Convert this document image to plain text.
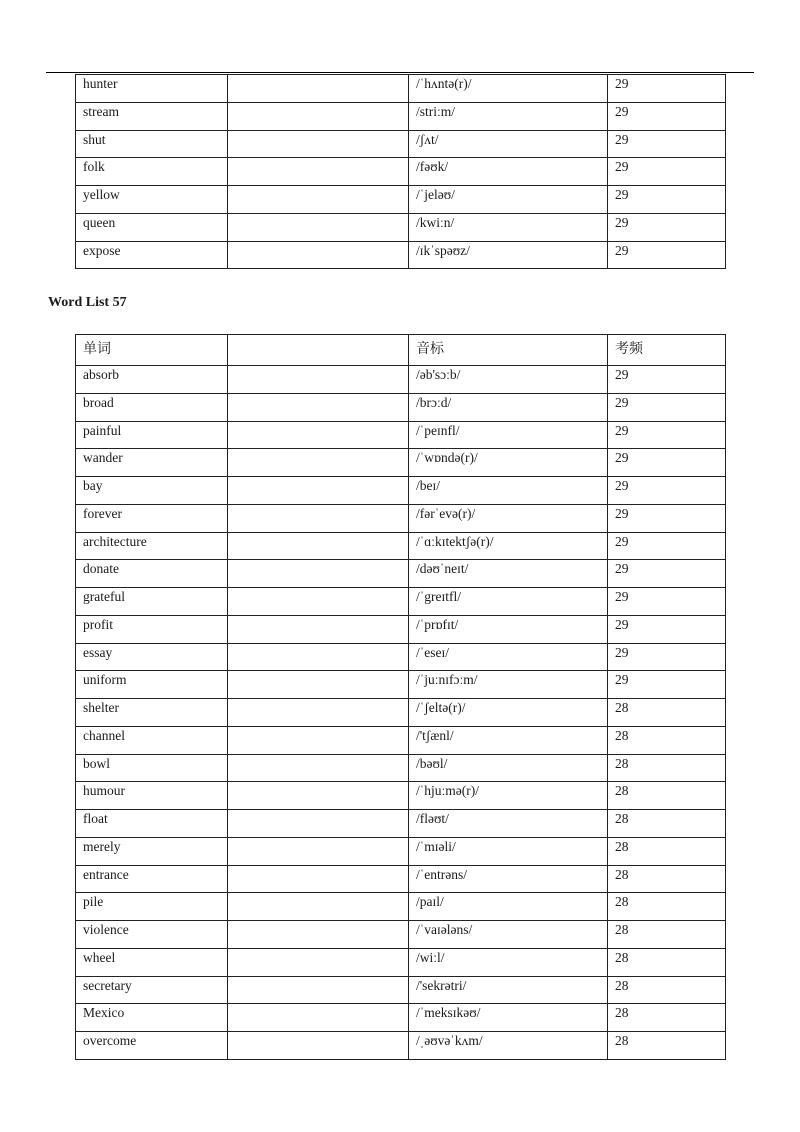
hunter		/ˈhʌntə(r)/	29
stream		/striːm/	29
shut		/ʃʌt/	29
folk		/fəʊk/	29
yellow		/ˈjeləʊ/	29
queen		/kwiːn/	29
expose		/ɪkˈspəʊz/	29
Word List 57
单词		音标	考频
absorb		/əb'sɔːb/	29
broad		/brɔːd/	29
painful		/ˈpeɪnfl/	29
wander		/ˈwɒndə(r)/	29
bay		/beɪ/	29
forever		/fərˈevə(r)/	29
architecture		/ˈɑːkɪtektʃə(r)/	29
donate		/dəʊˈneɪt/	29
grateful		/ˈgreɪtfl/	29
profit		/ˈprɒfɪt/	29
essay		/ˈeseɪ/	29
uniform		/ˈjuːnɪfɔːm/	29
shelter		/ˈʃeltə(r)/	28
channel		/'tʃænl/	28
bowl		/bəʊl/	28
humour		/ˈhjuːmə(r)/	28
float		/fləʊt/	28
merely		/ˈmɪəli/	28
entrance		/ˈentrəns/	28
pile		/paɪl/	28
violence		/ˈvaɪələns/	28
wheel		/wiːl/	28
secretary		/'sekrətri/	28
Mexico		/ˈmeksɪkəʊ/	28
overcome		/ˌəʊvəˈkʌm/	28
